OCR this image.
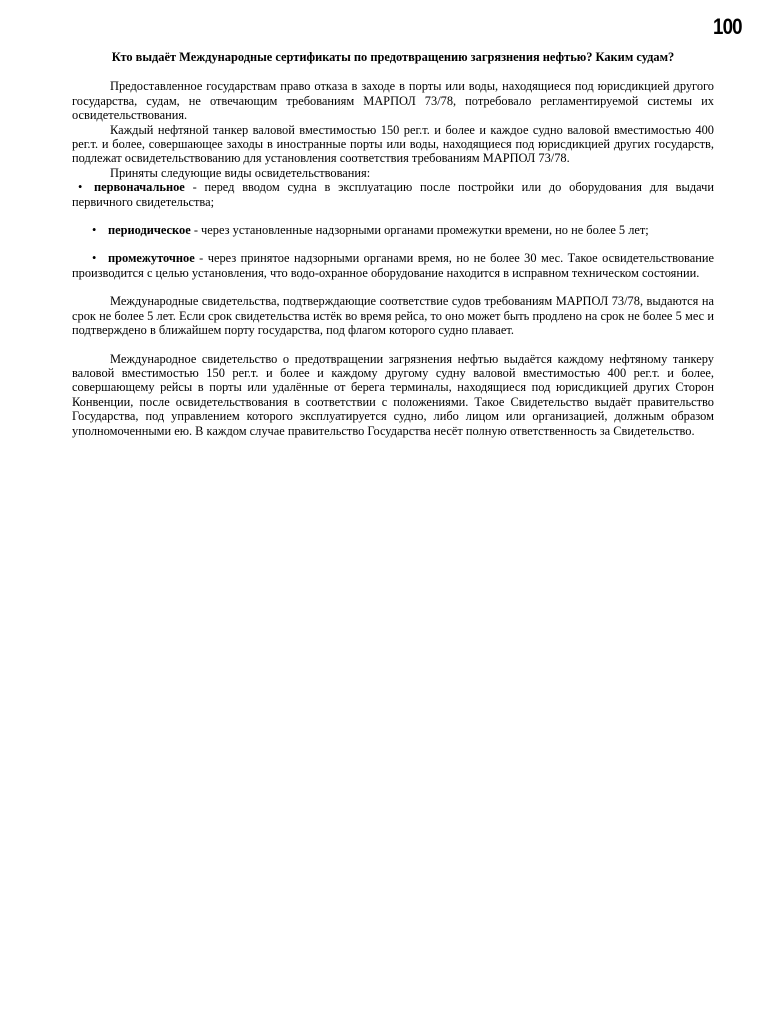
100

Кто выдаёт Международные сертификаты по предотвращению загрязнения нефтью? Каким судам?

Предоставленное государствам право отказа в заходе в порты или воды, находящиеся под юрисдикцией другого государства, судам, не отвечающим требованиям МАРПОЛ 73/78, потребовало регламентируемой системы их освидетельствования.

Каждый нефтяной танкер валовой вместимостью 150 рег.т. и более и каждое судно валовой вместимостью 400 рег.т. и более, совершающее заходы в иностранные порты или воды, находящиеся под юрисдикцией других государств, подлежат освидетельствованию для установления соответствия требованиям МАРПОЛ 73/78.

Приняты следующие виды освидетельствования:

• первоначальное - перед вводом судна в эксплуатацию после постройки или до оборудования для выдачи первичного свидетельства;

• периодическое - через установленные надзорными органами промежутки времени, но не более 5 лет;

• промежуточное - через принятое надзорными органами время, но не более 30 мес. Такое освидетельствование производится с целью установления, что водо-охранное оборудование находится в исправном техническом состоянии.

Международные свидетельства, подтверждающие соответствие судов требованиям МАРПОЛ 73/78, выдаются на срок не более 5 лет. Если срок свидетельства истёк во время рейса, то оно может быть продлено на срок не более 5 мес и подтверждено в ближайшем порту государства, под флагом которого судно плавает.

Международное свидетельство о предотвращении загрязнения нефтью выдаётся каждому нефтяному танкеру валовой вместимостью 150 рег.т. и более и каждому другому судну валовой вместимостью 400 рег.т. и более, совершающему рейсы в порты или удалённые от берега терминалы, находящиеся под юрисдикцией других Сторон Конвенции, после освидетельствования в соответствии с положениями. Такое Свидетельство выдаёт правительство Государства, под управлением которого эксплуатируется судно, либо лицом или организацией, должным образом уполномоченными ею. В каждом случае правительство Государства несёт полную ответственность за Свидетельство.
